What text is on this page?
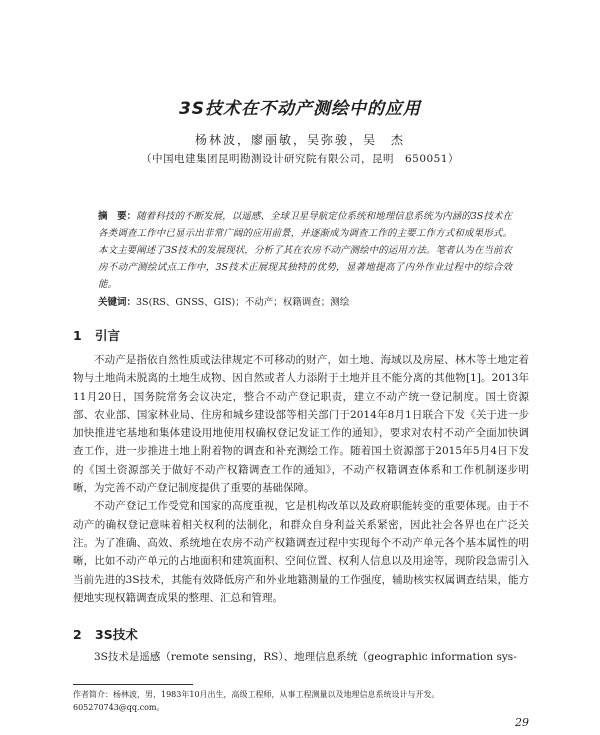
3S技术在不动产测绘中的应用
杨林波，廖丽敏，吴弥骏，吴　杰
（中国电建集团昆明勘测设计研究院有限公司，昆明　650051）
摘　要：随着科技的不断发展，以遥感、全球卫星导航定位系统和地理信息系统为内涵的3S技术在各类调查工作中已显示出非常广阔的应用前景，并逐渐成为调查工作的主要工作方式和成果形式。本文主要阐述了3S技术的发展现状，分析了其在农房不动产测绘中的运用方法。笔者认为在当前农房不动产测绘试点工作中，3S技术正展现其独特的优势，显著地提高了内外作业过程中的综合效能。
关键词：3S(RS、GNSS、GIS)；不动产；权籍调查；测绘
1 引言

不动产是指依自然性质或法律规定不可移动的财产，如土地、海域以及房屋、林木等土地定着物与土地尚未脱离的土地生成物、因自然或者人力添附于土地并且不能分离的其他物[1]。2013年11月20日，国务院常务会议决定，整合不动产登记职责，建立不动产统一登记制度。国土资源部、农业部、国家林业局、住房和城乡建设部等相关部门于2014年8月1日联合下发《关于进一步加快推进宅基地和集体建设用地使用权确权登记发证工作的通知》，要求对农村不动产全面加快调查工作，进一步推进土地上附着物的调查和补充测绘工作。随着国土资源部于2015年5月4日下发的《国土资源部关于做好不动产权籍调查工作的通知》，不动产权籍调查体系和工作机制逐步明晰，为完善不动产登记制度提供了重要的基础保障。

不动产登记工作受党和国家的高度重视，它是机构改革以及政府职能转变的重要体现。由于不动产的确权登记意味着相关权利的法制化，和群众自身利益关系紧密，因此社会各界也在广泛关注。为了准确、高效、系统地在农房不动产权籍调查过程中实现每个不动产单元各个基本属性的明晰，比如不动产单元的占地面积和建筑面积、空间位置、权利人信息以及用途等，现阶段急需引入当前先进的3S技术，其能有效降低房产和外业地籍测量的工作强度，辅助核实权属调查结果，能方便地实现权籍调查成果的整理、汇总和管理。

2 3S技术

3S技术是遥感（remote sensing，RS）、地理信息系统（geographic information sys-

作者简介：杨林波，男，1983年10月出生，高级工程师，从事工程测量以及地理信息系统设计与开发。605270743@qq.com。
29
